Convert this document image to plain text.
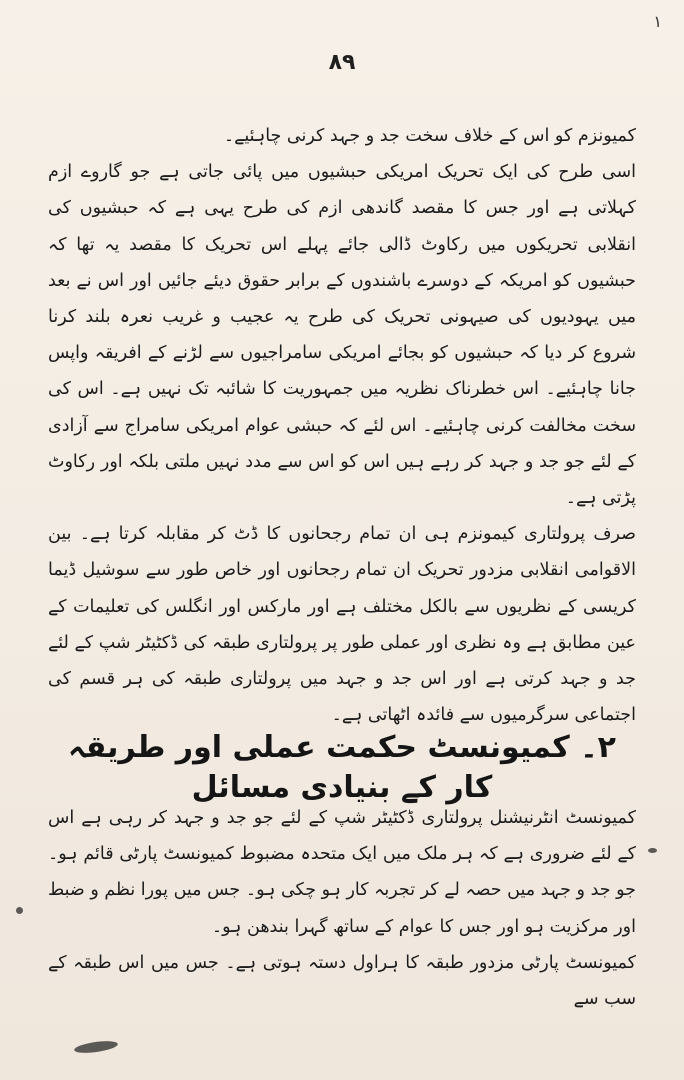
۱
۸۹

کمیونزم کو اس کے خلاف سخت جد و جہد کرنی چاہئیے۔

اسی طرح کی ایک تحریک امریکی حبشیوں میں پائی جاتی ہے جو گاروے ازم کہلاتی ہے اور جس کا مقصد گاندھی ازم کی طرح یہی ہے کہ حبشیوں کی انقلابی تحریکوں میں رکاوٹ ڈالی جائے پہلے اس تحریک کا مقصد یہ تھا کہ حبشیوں کو امریکہ کے دوسرے باشندوں کے برابر حقوق دیئے جائیں اور اس نے بعد میں یہودیوں کی صیہونی تحریک کی طرح یہ عجیب و غریب نعرہ بلند کرنا شروع کر دیا کہ حبشیوں کو بجائے امریکی سامراجیوں سے لڑنے کے افریقہ واپس جانا چاہئیے۔ اس خطرناک نظریہ میں جمہوریت کا شائبہ تک نہیں ہے۔ اس کی سخت مخالفت کرنی چاہئیے۔ اس لئے کہ حبشی عوام امریکی سامراج سے آزادی کے لئے جو جد و جہد کر رہے ہیں اس کو اس سے مدد نہیں ملتی بلکہ اور رکاوٹ پڑتی ہے۔

صرف پرولتاری کیمونزم ہی ان تمام رجحانوں کا ڈٹ کر مقابلہ کرتا ہے۔ بین الاقوامی انقلابی مزدور تحریک ان تمام رجحانوں اور خاص طور سے سوشیل ڈیما کریسی کے نظریوں سے بالکل مختلف ہے اور مارکس اور انگلس کی تعلیمات کے عین مطابق ہے وہ نظری اور عملی طور پر پرولتاری طبقہ کی ڈکٹیٹر شپ کے لئے جد و جہد کرتی ہے اور اس جد و جہد میں پرولتاری طبقہ کی ہر قسم کی اجتماعی سرگرمیوں سے فائدہ اٹھاتی ہے۔

۲۔ کمیونسٹ حکمت عملی اور طریقہ کار کے بنیادی مسائل

کمیونسٹ انٹرنیشنل پرولتاری ڈکٹیٹر شپ کے لئے جو جد و جہد کر رہی ہے اس کے لئے ضروری ہے کہ ہر ملک میں ایک متحدہ مضبوط کمیونسٹ پارٹی قائم ہو۔ جو جد و جہد میں حصہ لے کر تجربہ کار ہو چکی ہو۔ جس میں پورا نظم و ضبط اور مرکزیت ہو اور جس کا عوام کے ساتھ گہرا بندھن ہو۔

کمیونسٹ پارٹی مزدور طبقہ کا ہراول دستہ ہوتی ہے۔ جس میں اس طبقہ کے سب سے
